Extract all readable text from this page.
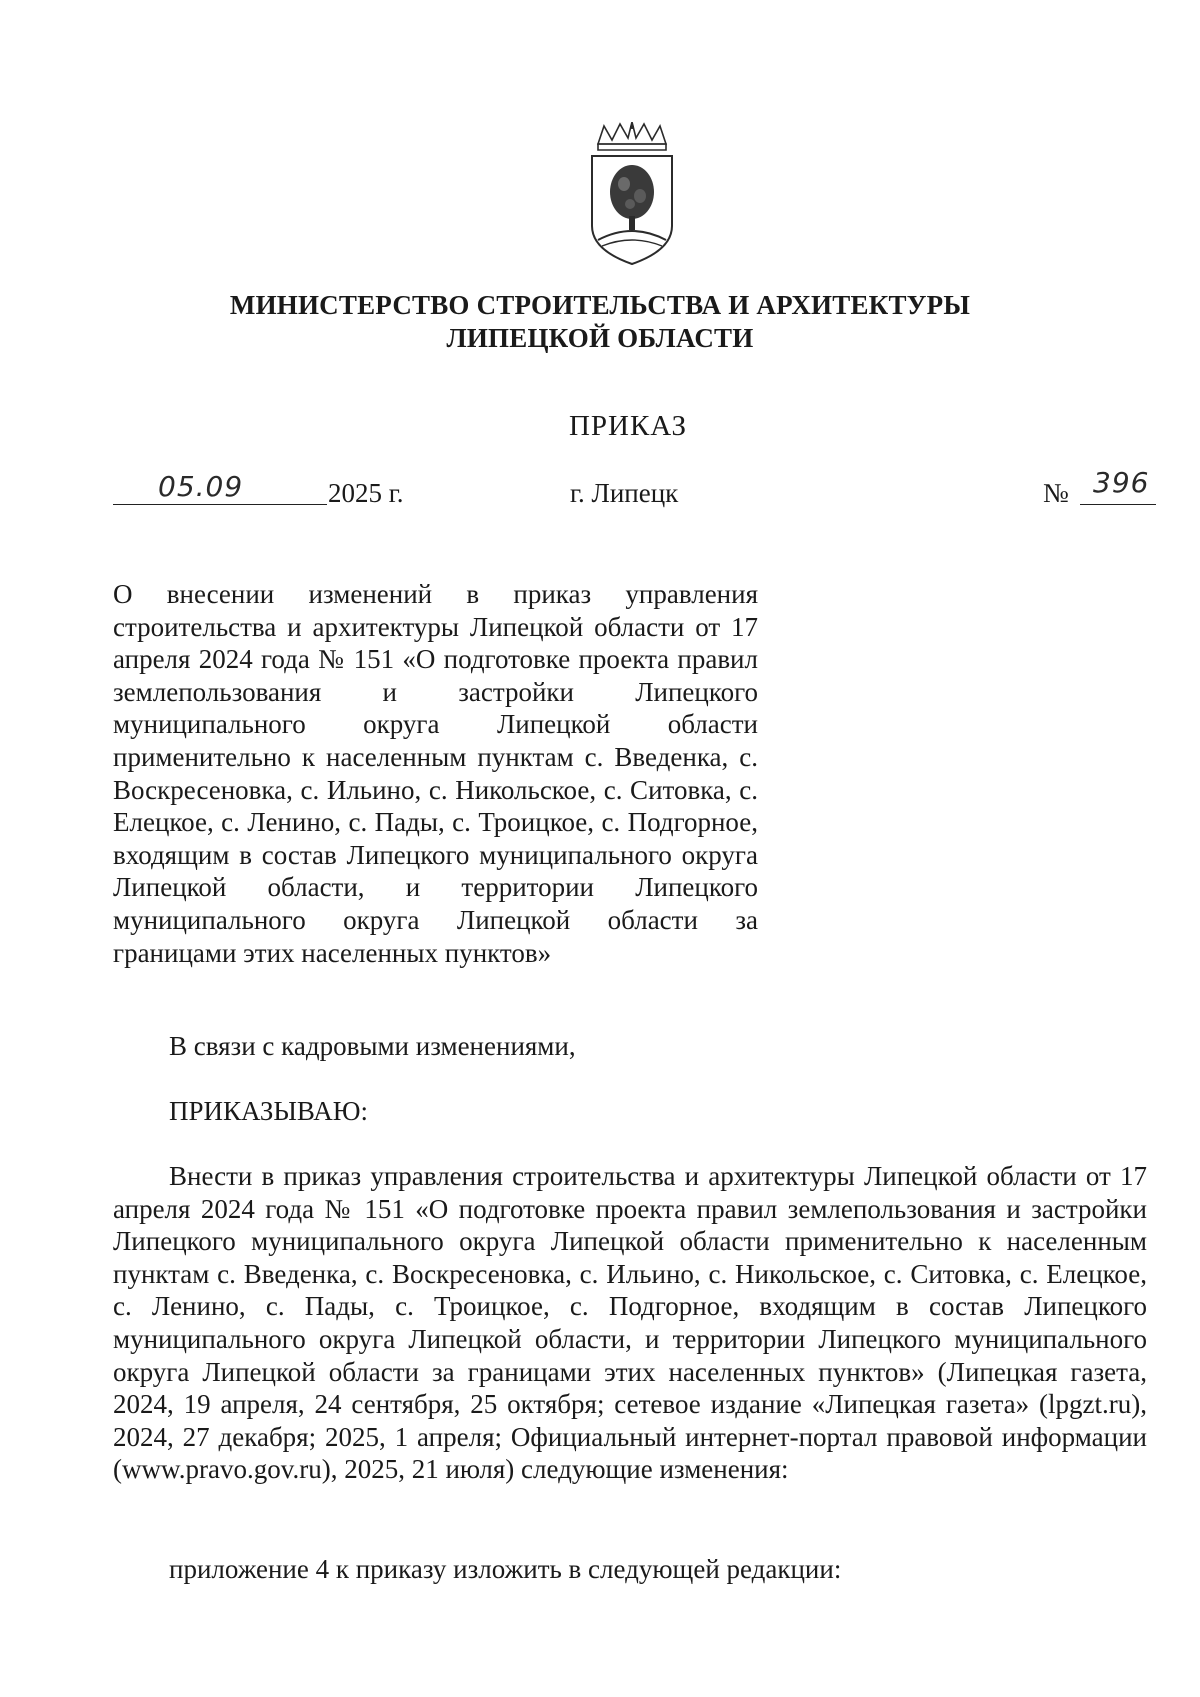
МИНИСТЕРСТВО СТРОИТЕЛЬСТВА И АРХИТЕКТУРЫ
ЛИПЕЦКОЙ ОБЛАСТИ
ПРИКАЗ
05.09	2025 г.	г. Липецк	№ 396
О внесении изменений в приказ управления строительства и архитектуры Липецкой области от 17 апреля 2024 года № 151 «О подготовке проекта правил землепользования и застройки Липецкого муниципального округа Липецкой области применительно к населенным пунктам с. Введенка, с. Воскресеновка, с. Ильино, с. Никольское, с. Ситовка, с. Елецкое, с. Ленино, с. Пады, с. Троицкое, с. Подгорное, входящим в состав Липецкого муниципального округа Липецкой области, и территории Липецкого муниципального округа Липецкой области за границами этих населенных пунктов»
В связи с кадровыми изменениями,
ПРИКАЗЫВАЮ:
Внести в приказ управления строительства и архитектуры Липецкой области от 17 апреля 2024 года № 151 «О подготовке проекта правил землепользования и застройки Липецкого муниципального округа Липецкой области применительно к населенным пунктам с. Введенка, с. Воскресеновка, с. Ильино, с. Никольское, с. Ситовка, с. Елецкое, с. Ленино, с. Пады, с. Троицкое, с. Подгорное, входящим в состав Липецкого муниципального округа Липецкой области, и территории Липецкого муниципального округа Липецкой области за границами этих населенных пунктов» (Липецкая газета, 2024, 19 апреля, 24 сентября, 25 октября; сетевое издание «Липецкая газета» (lpgzt.ru), 2024, 27 декабря; 2025, 1 апреля; Официальный интернет-портал правовой информации (www.pravo.gov.ru), 2025, 21 июля) следующие изменения:
приложение 4 к приказу изложить в следующей редакции:
